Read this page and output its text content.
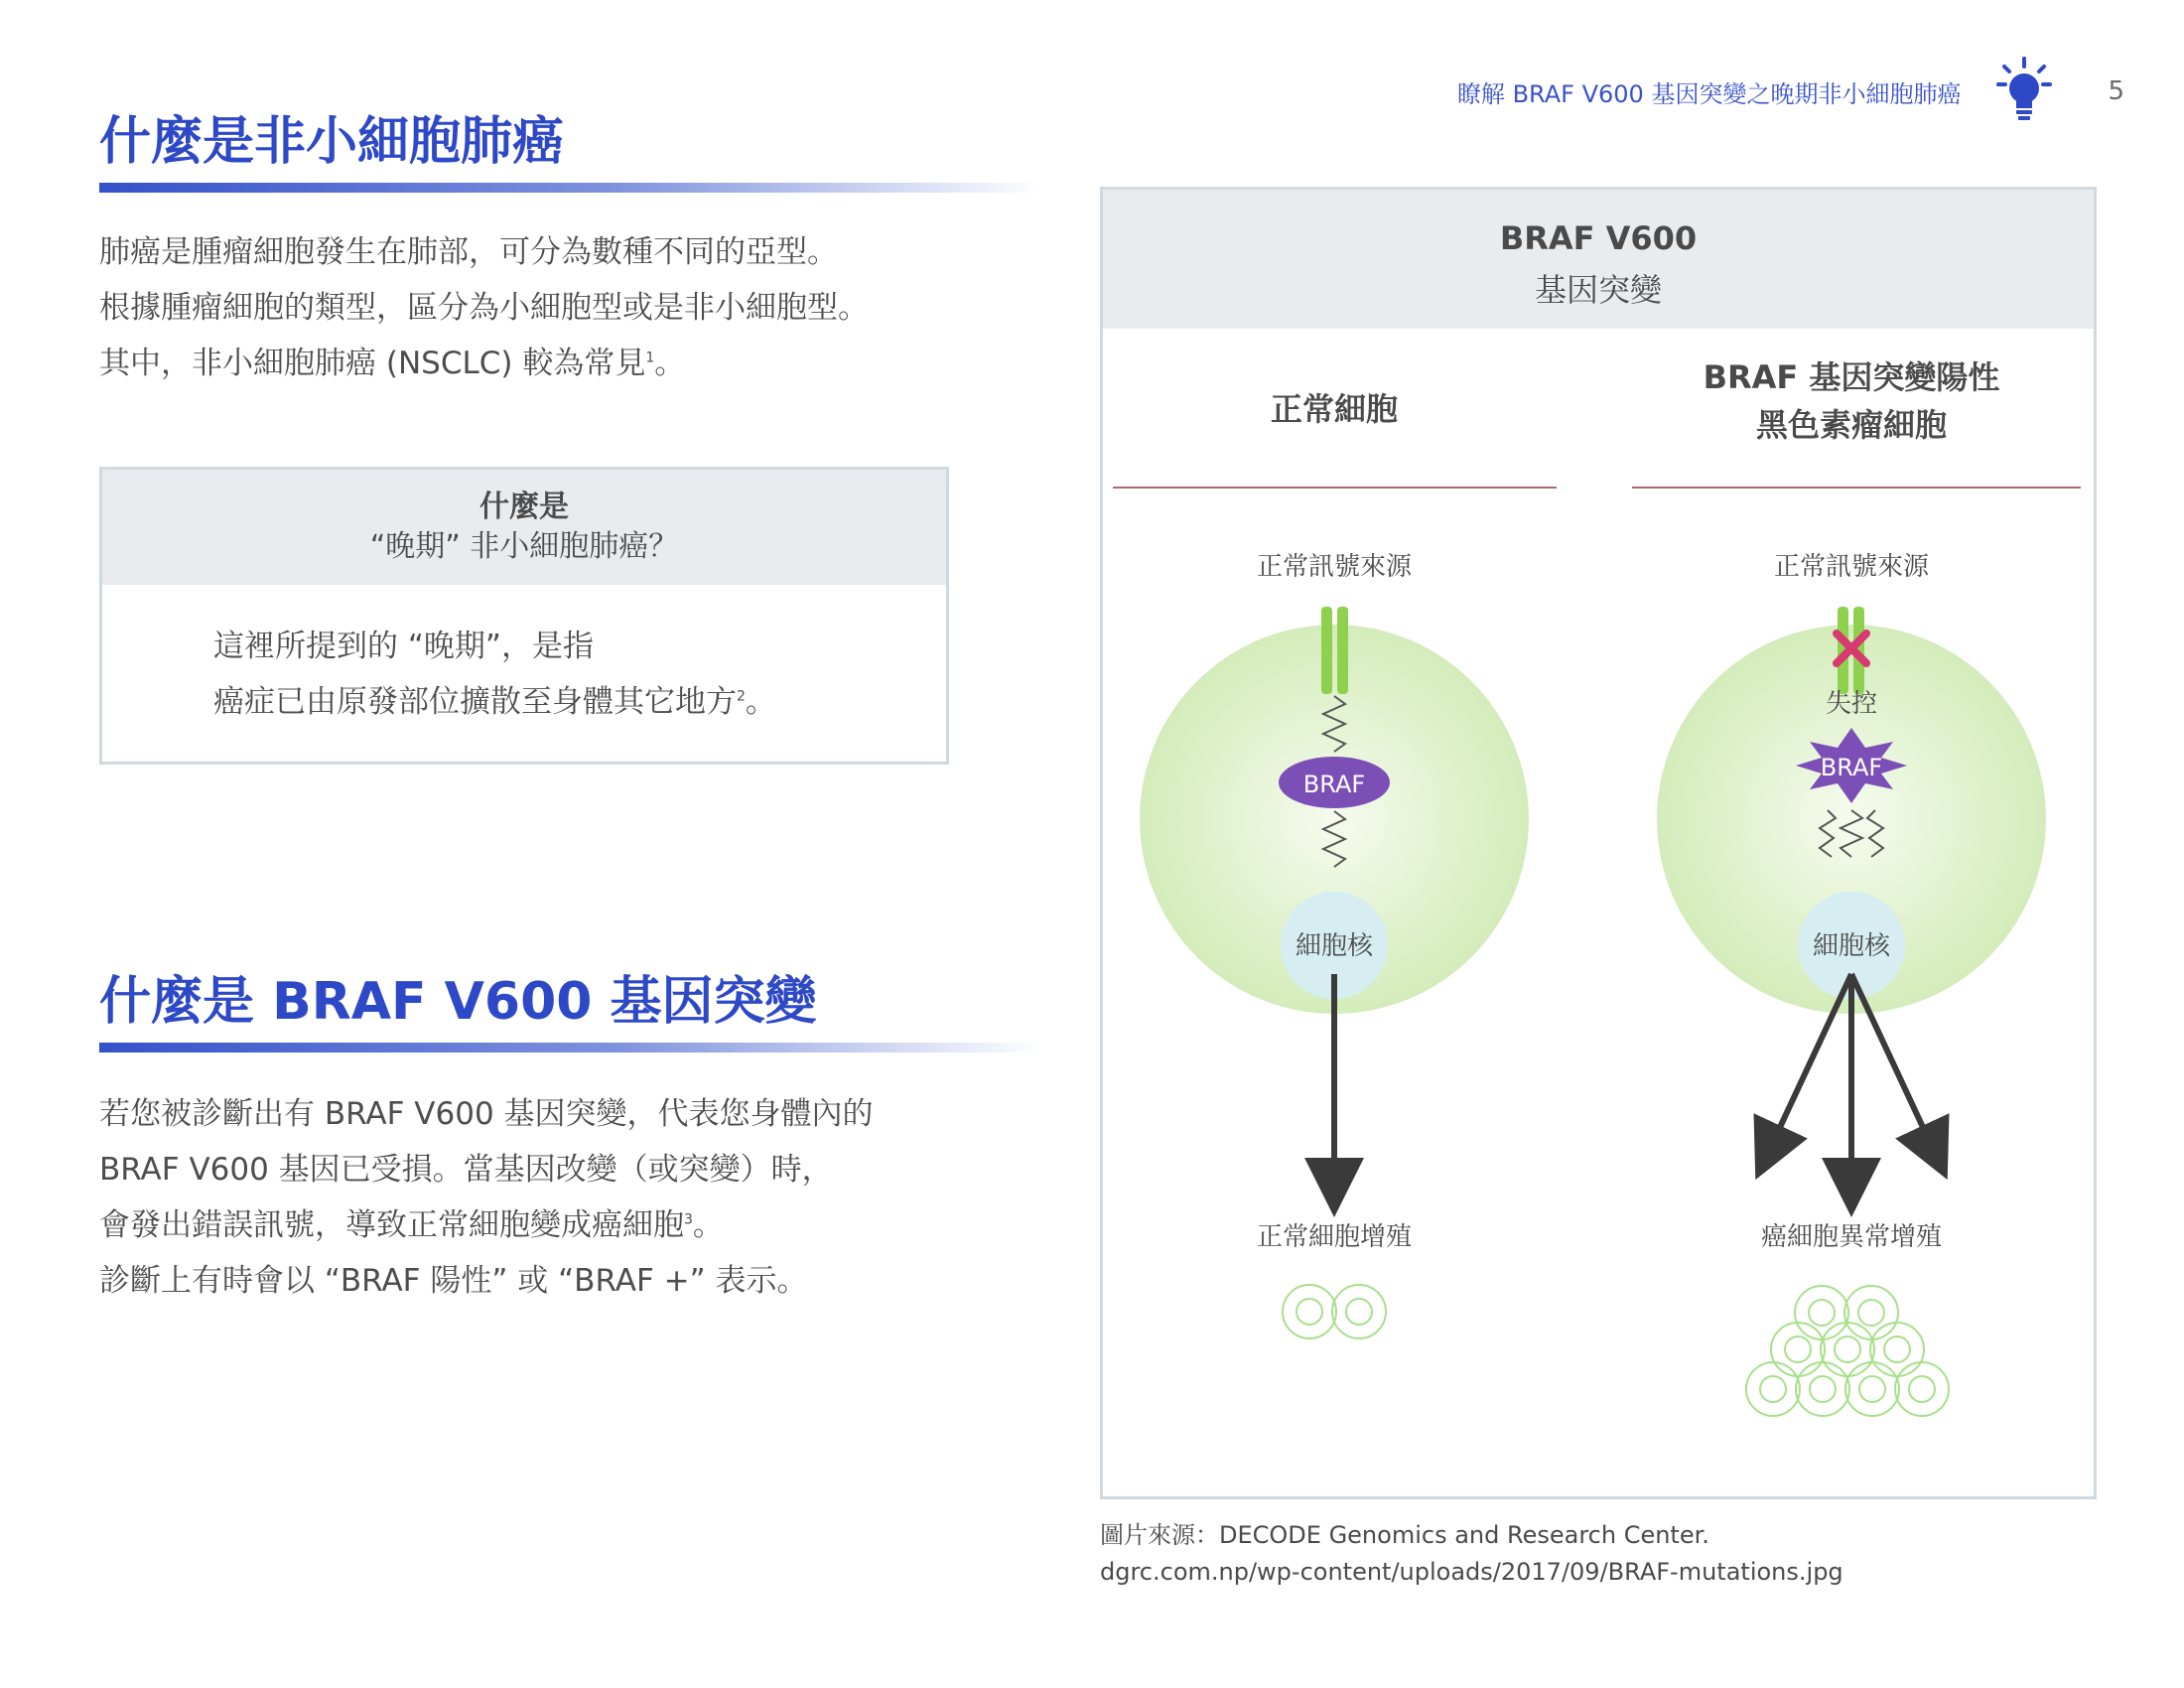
瞭解 BRAF V600 基因突變之晚期非小細胞肺癌	5
什麼是非小細胞肺癌

肺癌是腫瘤細胞發生在肺部，可分為數種不同的亞型。

根據腫瘤細胞的類型，區分為小細胞型或是非小細胞型。

其中，非小細胞肺癌 (NSCLC) 較為常見$^1$。

什麼是
“晚期” 非小細胞肺癌？

這裡所提到的 “晚期”，是指

癌症已由原發部位擴散至身體其它地方$^2$。

什麼是 BRAF V600 基因突變

若您被診斷出有 BRAF V600 基因突變，代表您身體內的

BRAF V600 基因已受損。當基因改變（或突變）時，

會發出錯誤訊號，導致正常細胞變成癌細胞$^3$。

診斷上有時會以 “BRAF 陽性” 或 “BRAF +” 表示。

BRAF V600
基因突變
正常細胞
BRAF 基因突變陽性
黑色素瘤細胞
正常訊號來源	正常訊號來源
BRAF
細胞核
正常細胞增殖
失控
BRAF
細胞核
癌細胞異常增殖

圖片來源：DECODE Genomics and Research Center.

dgrc.com.np/wp-content/uploads/2017/09/BRAF-mutations.jpg
